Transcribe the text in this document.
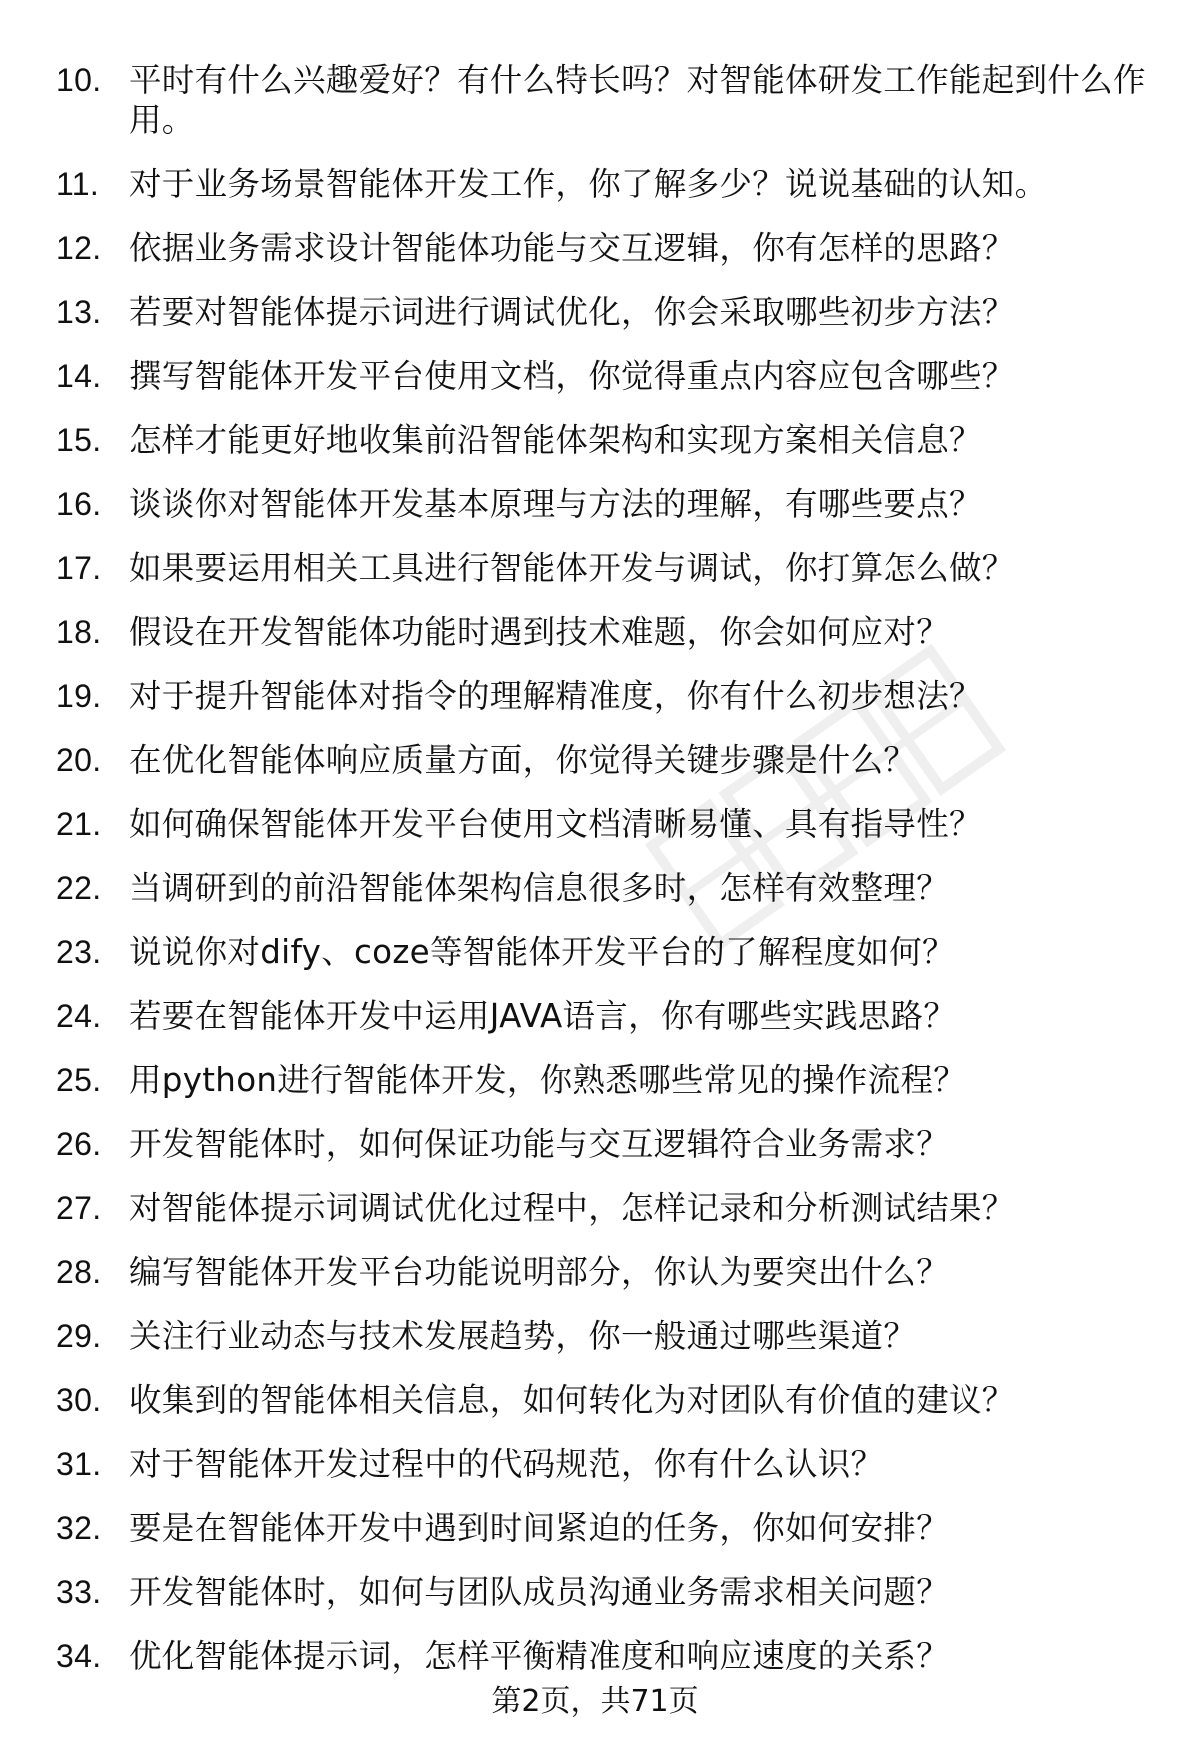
10. 平时有什么兴趣爱好？有什么特长吗？对智能体研发工作能起到什么作用。
11. 对于业务场景智能体开发工作，你了解多少？说说基础的认知。
12. 依据业务需求设计智能体功能与交互逻辑，你有怎样的思路？
13. 若要对智能体提示词进行调试优化，你会采取哪些初步方法？
14. 撰写智能体开发平台使用文档，你觉得重点内容应包含哪些？
15. 怎样才能更好地收集前沿智能体架构和实现方案相关信息？
16. 谈谈你对智能体开发基本原理与方法的理解，有哪些要点？
17. 如果要运用相关工具进行智能体开发与调试，你打算怎么做？
18. 假设在开发智能体功能时遇到技术难题，你会如何应对？
19. 对于提升智能体对指令的理解精准度，你有什么初步想法？
20. 在优化智能体响应质量方面，你觉得关键步骤是什么？
21. 如何确保智能体开发平台使用文档清晰易懂、具有指导性？
22. 当调研到的前沿智能体架构信息很多时，怎样有效整理？
23. 说说你对dify、coze等智能体开发平台的了解程度如何？
24. 若要在智能体开发中运用JAVA语言，你有哪些实践思路？
25. 用python进行智能体开发，你熟悉哪些常见的操作流程？
26. 开发智能体时，如何保证功能与交互逻辑符合业务需求？
27. 对智能体提示词调试优化过程中，怎样记录和分析测试结果？
28. 编写智能体开发平台功能说明部分，你认为要突出什么？
29. 关注行业动态与技术发展趋势，你一般通过哪些渠道？
30. 收集到的智能体相关信息，如何转化为对团队有价值的建议？
31. 对于智能体开发过程中的代码规范，你有什么认识？
32. 要是在智能体开发中遇到时间紧迫的任务，你如何安排？
33. 开发智能体时，如何与团队成员沟通业务需求相关问题？
34. 优化智能体提示词，怎样平衡精准度和响应速度的关系？
第2页，共71页
